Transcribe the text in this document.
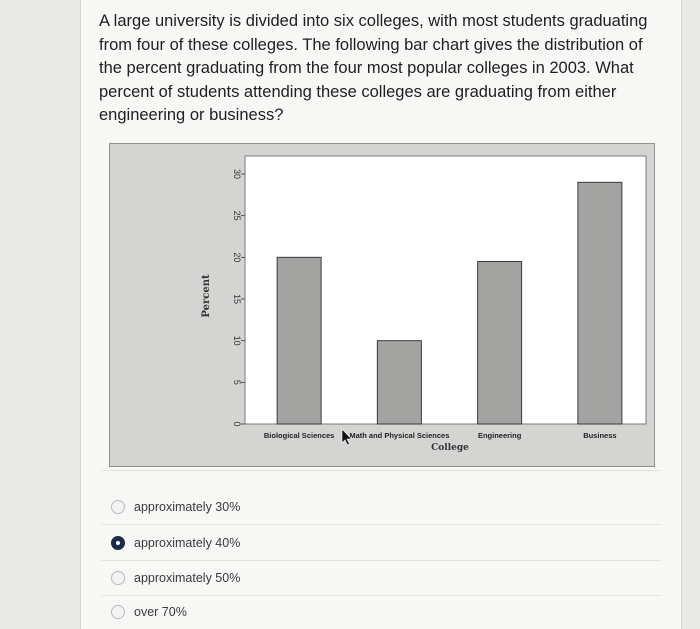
A large university is divided into six colleges, with most students graduating
from four of these colleges. The following bar chart gives the distribution of
the percent graduating from the four most popular colleges in 2003. What
percent of students attending these colleges are graduating from either
engineering or business?
0
5
10
15
20
25
30
Biological Sciences Math and Physical Sciences	Engineering	Business
Percent
College
approximately 30%
approximately 40%
approximately 50%
over 70%
